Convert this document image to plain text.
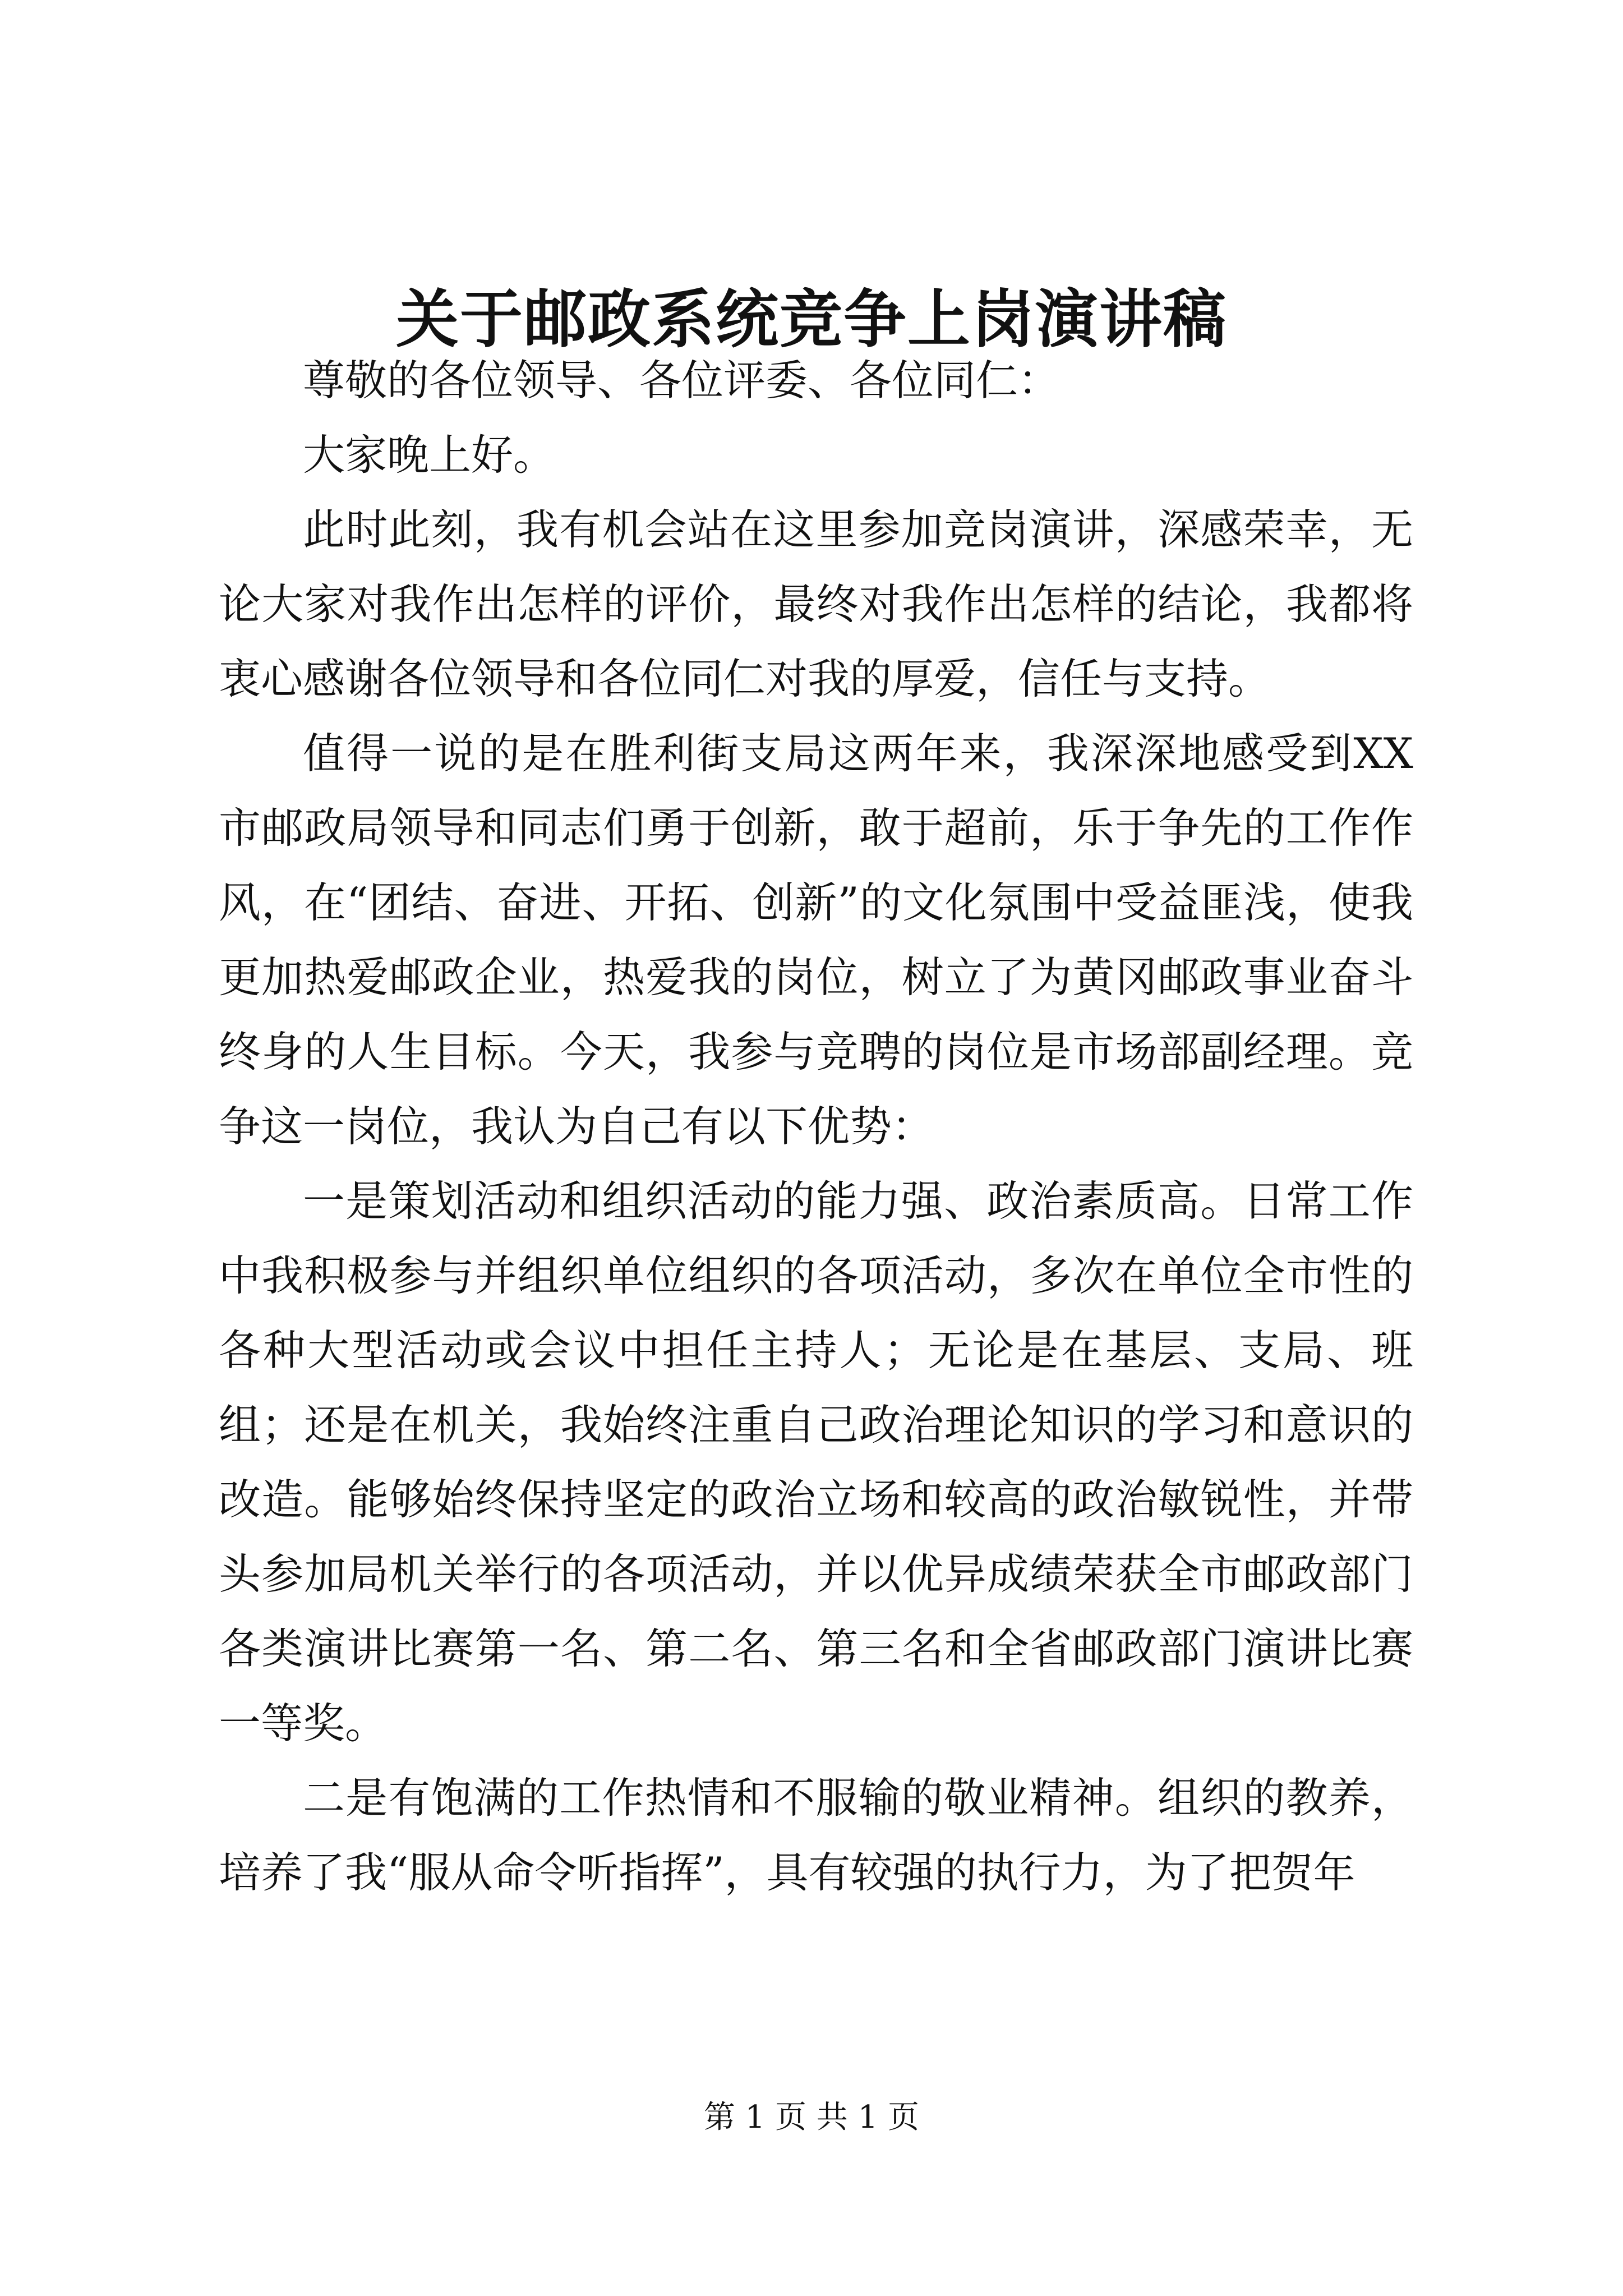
关于邮政系统竞争上岗演讲稿

尊敬的各位领导、各位评委、各位同仁：

大家晚上好。

此时此刻，我有机会站在这里参加竞岗演讲，深感荣幸，无论大家对我作出怎样的评价，最终对我作出怎样的结论，我都将衷心感谢各位领导和各位同仁对我的厚爱，信任与支持。

值得一说的是在胜利街支局这两年来，我深深地感受到XX市邮政局领导和同志们勇于创新，敢于超前，乐于争先的工作作风，在“团结、奋进、开拓、创新”的文化氛围中受益匪浅，使我更加热爱邮政企业，热爱我的岗位，树立了为黄冈邮政事业奋斗终身的人生目标。今天，我参与竞聘的岗位是市场部副经理。竞争这一岗位，我认为自己有以下优势：

一是策划活动和组织活动的能力强、政治素质高。日常工作中我积极参与并组织单位组织的各项活动，多次在单位全市性的各种大型活动或会议中担任主持人；无论是在基层、支局、班组；还是在机关，我始终注重自己政治理论知识的学习和意识的改造。能够始终保持坚定的政治立场和较高的政治敏锐性，并带头参加局机关举行的各项活动，并以优异成绩荣获全市邮政部门各类演讲比赛第一名、第二名、第三名和全省邮政部门演讲比赛一等奖。

二是有饱满的工作热情和不服输的敬业精神。组织的教养，培养了我“服从命令听指挥”，具有较强的执行力，为了把贺年

第 1 页 共 1 页
